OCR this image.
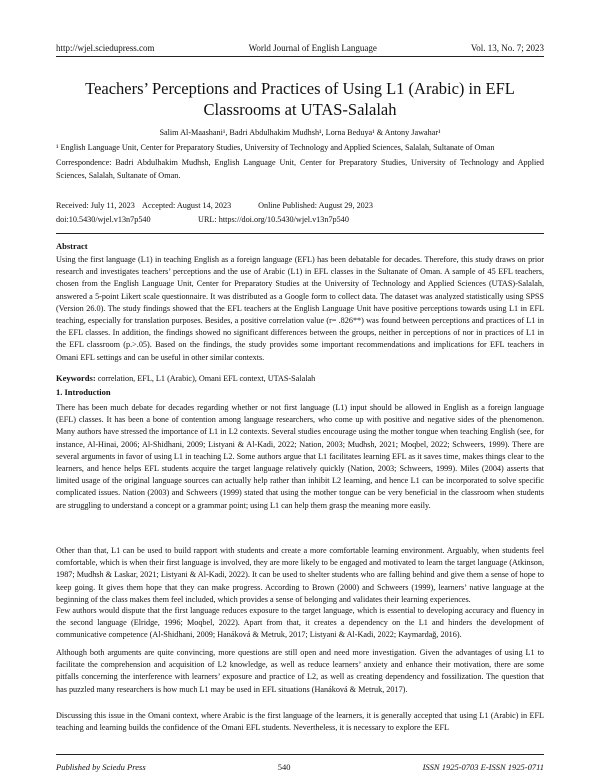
http://wjel.sciedupress.com	World Journal of English Language	Vol. 13, No. 7; 2023
Teachers’ Perceptions and Practices of Using L1 (Arabic) in EFL Classrooms at UTAS-Salalah
Salim Al-Maashani¹, Badri Abdulhakim Mudhsh¹, Lorna Beduya¹ & Antony Jawahar¹
¹ English Language Unit, Center for Preparatory Studies, University of Technology and Applied Sciences, Salalah, Sultanate of Oman
Correspondence: Badri Abdulhakim Mudhsh, English Language Unit, Center for Preparatory Studies, University of Technology and Applied Sciences, Salalah, Sultanate of Oman.
Received: July 11, 2023 Accepted: August 14, 2023	Online Published: August 29, 2023
doi:10.5430/wjel.v13n7p540	URL: https://doi.org/10.5430/wjel.v13n7p540
Abstract
Using the first language (L1) in teaching English as a foreign language (EFL) has been debatable for decades. Therefore, this study draws on prior research and investigates teachers’ perceptions and the use of Arabic (L1) in EFL classes in the Sultanate of Oman. A sample of 45 EFL teachers, chosen from the English Language Unit, Center for Preparatory Studies at the University of Technology and Applied Sciences (UTAS)-Salalah, answered a 5-point Likert scale questionnaire. It was distributed as a Google form to collect data. The dataset was analyzed statistically using SPSS (Version 26.0). The study findings showed that the EFL teachers at the English Language Unit have positive perceptions towards using L1 in EFL teaching, especially for translation purposes. Besides, a positive correlation value (r= .826**) was found between perceptions and practices of L1 in the EFL classes. In addition, the findings showed no significant differences between the groups, neither in perceptions of nor in practices of L1 in the EFL classroom (p.>.05). Based on the findings, the study provides some important recommendations and implications for EFL teachers in Omani EFL settings and can be useful in other similar contexts.
Keywords: correlation, EFL, L1 (Arabic), Omani EFL context, UTAS-Salalah
1. Introduction
There has been much debate for decades regarding whether or not first language (L1) input should be allowed in English as a foreign language (EFL) classes. It has been a bone of contention among language researchers, who come up with positive and negative sides of the phenomenon. Many authors have stressed the importance of L1 in L2 contexts. Several studies encourage using the mother tongue when teaching English (see, for instance, Al-Hinai, 2006; Al-Shidhani, 2009; Listyani & Al-Kadi, 2022; Nation, 2003; Mudhsh, 2021; Moqbel, 2022; Schweers, 1999). There are several arguments in favor of using L1 in teaching L2. Some authors argue that L1 facilitates learning EFL as it saves time, makes things clear to the learners, and hence helps EFL students acquire the target language relatively quickly (Nation, 2003; Schweers, 1999). Miles (2004) asserts that limited usage of the original language sources can actually help rather than inhibit L2 learning, and hence L1 can be incorporated to solve specific complicated issues. Nation (2003) and Schweers (1999) stated that using the mother tongue can be very beneficial in the classroom when students are struggling to understand a concept or a grammar point; using L1 can help them grasp the meaning more easily.
Other than that, L1 can be used to build rapport with students and create a more comfortable learning environment. Arguably, when students feel comfortable, which is when their first language is involved, they are more likely to be engaged and motivated to learn the target language (Atkinson, 1987; Mudhsh & Laskar, 2021; Listyani & Al-Kadi, 2022). It can be used to shelter students who are falling behind and give them a sense of hope to keep going. It gives them hope that they can make progress. According to Brown (2000) and Schweers (1999), learners’ native language at the beginning of the class makes them feel included, which provides a sense of belonging and validates their learning experiences.
Few authors would dispute that the first language reduces exposure to the target language, which is essential to developing accuracy and fluency in the second language (Elridge, 1996; Moqbel, 2022). Apart from that, it creates a dependency on the L1 and hinders the development of communicative competence (Al-Shidhani, 2009; Hanáková & Metruk, 2017; Listyani & Al-Kadi, 2022; Kaymardağ, 2016).
Although both arguments are quite convincing, more questions are still open and need more investigation. Given the advantages of using L1 to facilitate the comprehension and acquisition of L2 knowledge, as well as reduce learners’ anxiety and enhance their motivation, there are some pitfalls concerning the interference with learners’ exposure and practice of L2, as well as creating dependency and fossilization. The question that has puzzled many researchers is how much L1 may be used in EFL situations (Hanáková & Metruk, 2017).
Discussing this issue in the Omani context, where Arabic is the first language of the learners, it is generally accepted that using L1 (Arabic) in EFL teaching and learning builds the confidence of the Omani EFL students. Nevertheless, it is necessary to explore the EFL
Published by Sciedu Press	540	ISSN 1925-0703 E-ISSN 1925-0711
